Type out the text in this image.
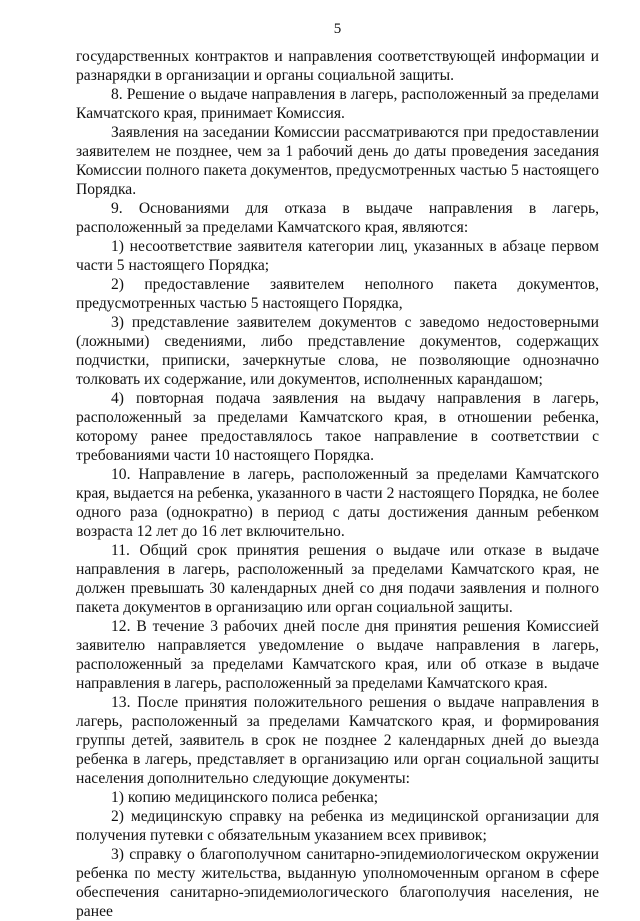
5

государственных контрактов и направления соответствующей информации и разнарядки в организации и органы социальной защиты.

8. Решение о выдаче направления в лагерь, расположенный за пределами Камчатского края, принимает Комиссия.

Заявления на заседании Комиссии рассматриваются при предоставлении заявителем не позднее, чем за 1 рабочий день до даты проведения заседания Комиссии полного пакета документов, предусмотренных частью 5 настоящего Порядка.

9. Основаниями для отказа в выдаче направления в лагерь, расположенный за пределами Камчатского края, являются:

1) несоответствие заявителя категории лиц, указанных в абзаце первом части 5 настоящего Порядка;

2) предоставление заявителем неполного пакета документов, предусмотренных частью 5 настоящего Порядка,

3) представление заявителем документов с заведомо недостоверными (ложными) сведениями, либо представление документов, содержащих подчистки, приписки, зачеркнутые слова, не позволяющие однозначно толковать их содержание, или документов, исполненных карандашом;

4) повторная подача заявления на выдачу направления в лагерь, расположенный за пределами Камчатского края, в отношении ребенка, которому ранее предоставлялось такое направление в соответствии с требованиями части 10 настоящего Порядка.

10. Направление в лагерь, расположенный за пределами Камчатского края, выдается на ребенка, указанного в части 2 настоящего Порядка, не более одного раза (однократно) в период с даты достижения данным ребенком возраста 12 лет до 16 лет включительно.

11. Общий срок принятия решения о выдаче или отказе в выдаче направления в лагерь, расположенный за пределами Камчатского края, не должен превышать 30 календарных дней со дня подачи заявления и полного пакета документов в организацию или орган социальной защиты.

12. В течение 3 рабочих дней после дня принятия решения Комиссией заявителю направляется уведомление о выдаче направления в лагерь, расположенный за пределами Камчатского края, или об отказе в выдаче направления в лагерь, расположенный за пределами Камчатского края.

13. После принятия положительного решения о выдаче направления в лагерь, расположенный за пределами Камчатского края, и формирования группы детей, заявитель в срок не позднее 2 календарных дней до выезда ребенка в лагерь, представляет в организацию или орган социальной защиты населения дополнительно следующие документы:

1) копию медицинского полиса ребенка;

2) медицинскую справку на ребенка из медицинской организации для получения путевки с обязательным указанием всех прививок;

3) справку о благополучном санитарно-эпидемиологическом окружении ребенка по месту жительства, выданную уполномоченным органом в сфере обеспечения санитарно-эпидемиологического благополучия населения, не ранее
